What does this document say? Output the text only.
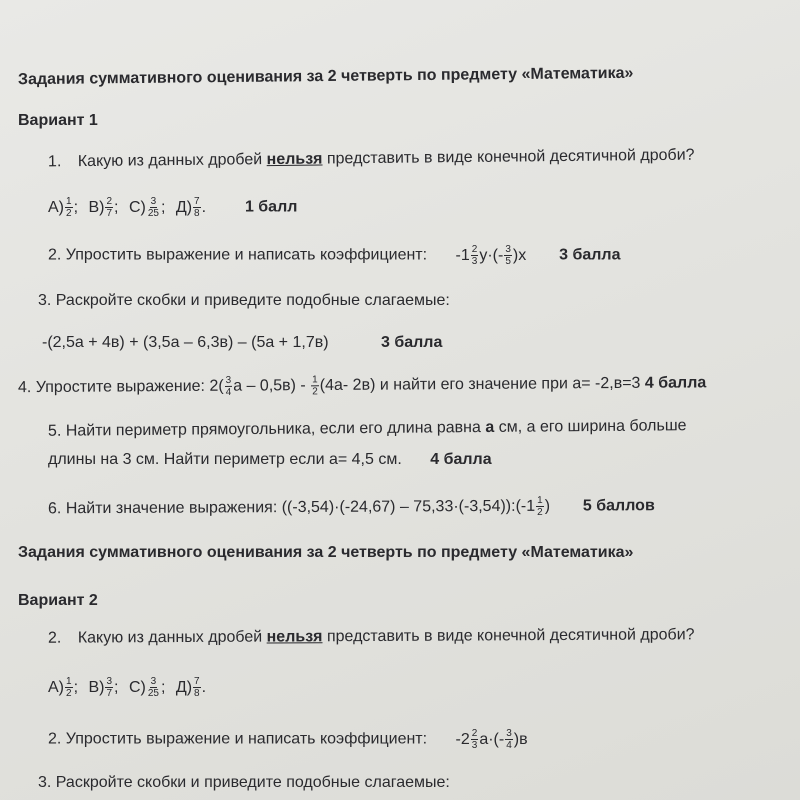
Задания суммативного оценивания за 2 четверть по предмету «Математика»
Вариант 1
1. Какую из данных дробей нельзя представить в виде конечной десятичной дроби?
$А) \frac{1}{2}$ ; $В) \frac{2}{7}$ ; $С) \frac{3}{25}$ ; $Д) \frac{7}{8}$ . 1 балл
2. Упростить выражение и написать коэффициент: $-1 \frac{2}{3} у\cdot(- \frac{3}{5} )х$ 3 балла
3. Раскройте скобки и приведите подобные слагаемые:
-(2,5а + 4в) + (3,5а – 6,3в) – (5а + 1,7в)	3 балла
4. Упростите выражение: $2( \frac{3}{4}$ а – $0,5в) - \frac{1}{2} (4а-$ 2в) и найти его значение при а= -2,в=3 4 балла
5. Найти периметр прямоугольника, если его длина равна а см, а его ширина больше
длины на 3 см. Найти периметр если а= 4,5 см. 4 балла
6. Найти значение выражения: ((-3,54)·(-24,67) – 75,33·(-3,54)):(-1 $\frac{1}{2}$ ) 5 баллов
Задания суммативного оценивания за 2 четверть по предмету «Математика»
Вариант 2
2. Какую из данных дробей нельзя представить в виде конечной десятичной дроби?
$А) \frac{1}{2}$ ; $В) \frac{3}{7}$ ; $С) \frac{3}{25}$ ; $Д) \frac{7}{8}$ .
2. Упростить выражение и написать коэффициент: $-2 \frac{2}{3} а\cdot(- \frac{3}{4} )в$
3. Раскройте скобки и приведите подобные слагаемые:
